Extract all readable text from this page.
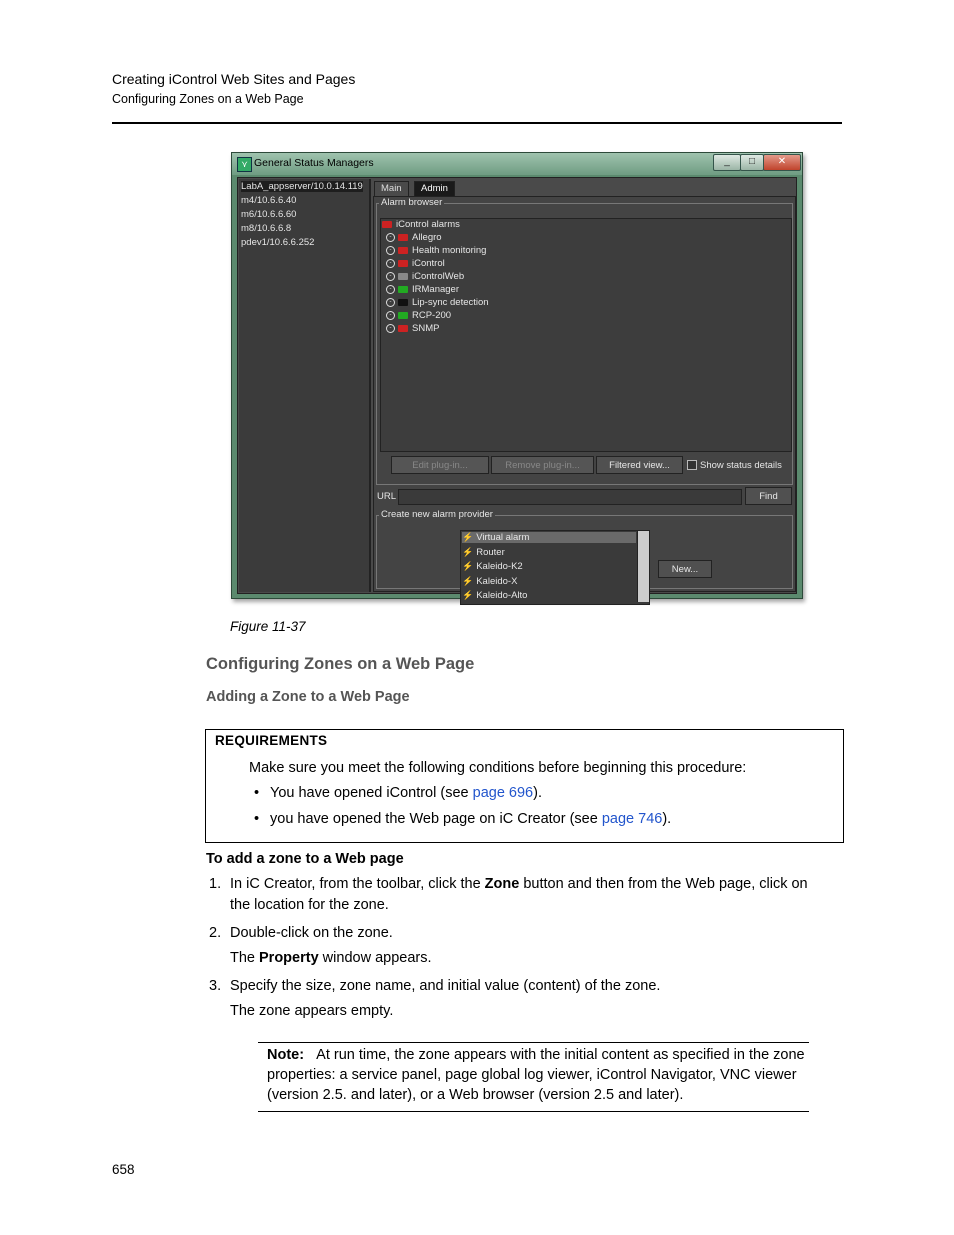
Creating iControl Web Sites and Pages
Configuring Zones on a Web Page
⋎ General Status Managers	_	□	✕
LabA_appserver/10.0.14.119
m4/10.6.6.40
m6/10.6.6.60
m8/10.6.6.8
pdev1/10.6.6.252
Main	Admin
Alarm browser
iControl alarms
- Allegro
- Health monitoring
- iControl
- iControlWeb
- IRManager
- Lip-sync detection
- RCP-200
- SNMP
Edit plug-in...	Remove plug-in...	Filtered view...	Show status details
URL	Find
Create new alarm provider
⚡ Virtual alarm
⚡ Router
⚡ Kaleido-K2
⚡ Kaleido-X
⚡ Kaleido-Alto
New...
Figure 11-37
Configuring Zones on a Web Page
Adding a Zone to a Web Page
REQUIREMENTS
Make sure you meet the following conditions before beginning this procedure:
• You have opened iControl (see page 696).
• you have opened the Web page on iC Creator (see page 746).
To add a zone to a Web page
1. In iC Creator, from the toolbar, click the Zone button and then from the Web page, click on
the location for the zone.
2. Double-click on the zone.
The Property window appears.
3. Specify the size, zone name, and initial value (content) of the zone.
The zone appears empty.
Note: At run time, the zone appears with the initial content as specified in the zone
properties: a service panel, page global log viewer, iControl Navigator, VNC viewer
(version 2.5. and later), or a Web browser (version 2.5 and later).
658
